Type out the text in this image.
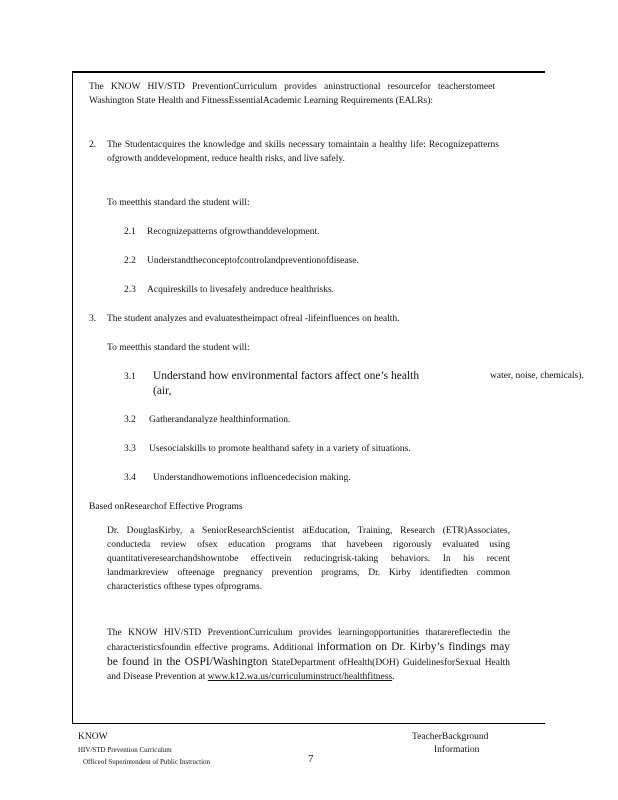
The KNOW HIV/STD PreventionCurriculum provides aninstructional resourcefor teacherstomeet Washington State Health and FitnessEssentialAcademic Learning Requirements (EALRs):
2. The Studentacquires the knowledge and skills necessary tomaintain a healthy life: Recognizepatterns ofgrowth anddevelopment, reduce health risks, and live safely.
To meetthis standard the student will:
2.1 Recognizepatterns ofgrowthanddevelopment.
2.2 Understandtheconceptofcontrolandpreventionofdisease.
2.3 Acquireskills to livesafely andreduce healthrisks.
3. The student analyzes and evaluatestheimpact ofreal -lifeinfluences on health.
To meetthis standard the student will:
3.1 Understand how environmental factors affect one’s health (air,
water, noise, chemicals).
3.2 Gatherandanalyze healthinformation.
3.3 Usesocialskills to promote healthand safety in a variety of situations.
3.4 Understandhowemotions influencedecision making.
Based onResearchof Effective Programs
Dr. DouglasKirby, a SeniorResearchScientist atEducation, Training, Research (ETR)Associates, conducteda review ofsex education programs that havebeen rigorously evaluated using quantitativeresearchandshowntobe effectivein reducingrisk-taking behaviors. In his recent landmarkreview ofteenage pregnancy prevention programs, Dr. Kirby identifiedten common characteristics ofthese types ofprograms.
The KNOW HIV/STD PreventionCurriculum provides learningopportunities thatarereflectedin the characteristicsfoundin effective programs. Additional information on Dr. Kirby’s findings may be found in the OSPI/Washington StateDepartment ofHealth(DOH) GuidelinesforSexual Health and Disease Prevention at www.k12.wa.us/curriculuminstruct/healthfitness.
KNOW
HIV/STD Prevention Curriculum
Officeof Superintendent of Public Instruction	7
TeacherBackground
Information
